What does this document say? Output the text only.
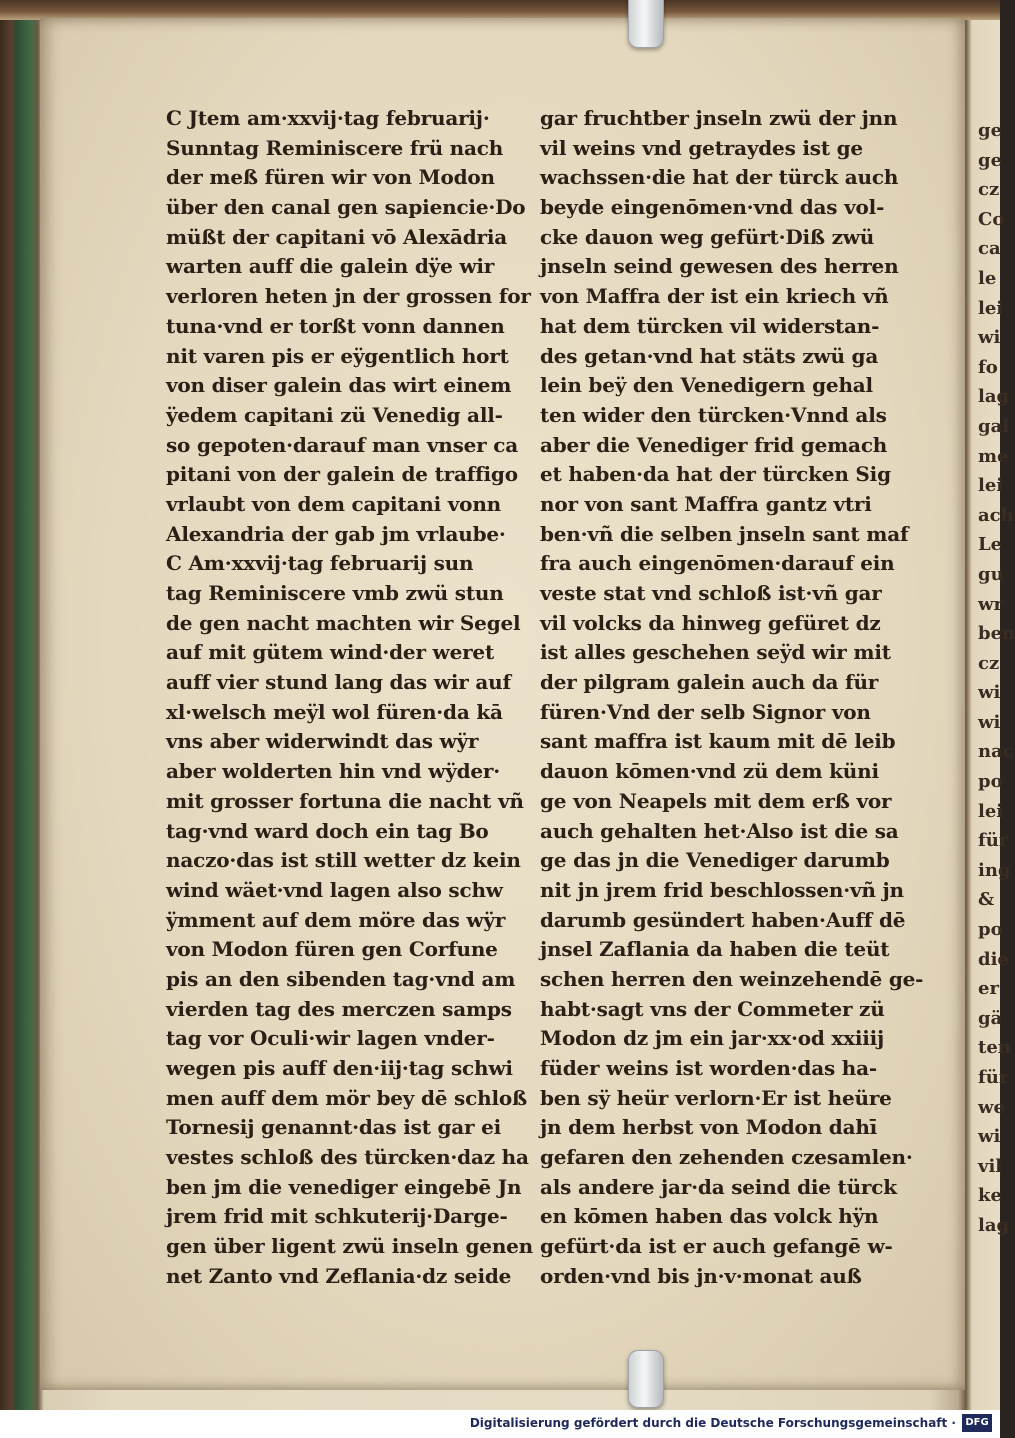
C Jtem am·xxvij·tag februarij·
Sunntag Reminiscere frü nach
der meß füren wir von Modon
über den canal gen sapiencie·Do
müßt der capitani vō Alexādria
warten auff die galein dÿe wir
verloren heten jn der grossen for
tuna·vnd er torßt vonn dannen
nit varen pis er eÿgentlich hort
von diser galein das wirt einem
ÿedem capitani zü Venedig all-
so gepoten·darauf man vnser ca
pitani von der galein de traffigo
vrlaubt von dem capitani vonn
Alexandria der gab jm vrlaube·
C Am·xxvij·tag februarij sun
tag Reminiscere vmb zwü stun
de gen nacht machten wir Segel
auf mit gütem wind·der weret
auff vier stund lang das wir auf
xl·welsch meÿl wol füren·da kā
vns aber widerwindt das wÿr
aber wolderten hin vnd wÿder·
mit grosser fortuna die nacht vñ
tag·vnd ward doch ein tag Bo
naczo·das ist still wetter dz kein
wind wäet·vnd lagen also schw
ÿmment auf dem möre das wÿr
von Modon füren gen Corfune
pis an den sibenden tag·vnd am
vierden tag des merczen samps
tag vor Oculi·wir lagen vnder-
wegen pis auff den·iij·tag schwi
men auff dem mör bey dē schloß
Tornesij genannt·das ist gar ei
vestes schloß des türcken·daz ha
ben jm die venediger eingebē Jn
jrem frid mit schkuterij·Darge-
gen über ligent zwü inseln genen
net Zanto vnd Zeflania·dz seide
gar fruchtber jnseln zwü der jnn
vil weins vnd getraydes ist ge
wachssen·die hat der türck auch
beyde eingenōmen·vnd das vol-
cke dauon weg gefürt·Diß zwü
jnseln seind gewesen des herren
von Maffra der ist ein kriech vñ
hat dem türcken vil widerstan-
des getan·vnd hat stäts zwü ga
lein beÿ den Venedigern gehal
ten wider den türcken·Vnnd als
aber die Venediger frid gemach
et haben·da hat der türcken Sig
nor von sant Maffra gantz vtri
ben·vñ die selben jnseln sant maf
fra auch eingenōmen·darauf ein
veste stat vnd schloß ist·vñ gar
vil volcks da hinweg gefüret dz
ist alles geschehen seÿd wir mit
der pilgram galein auch da für
füren·Vnd der selb Signor von
sant maffra ist kaum mit dē leib
dauon kōmen·vnd zü dem küni
ge von Neapels mit dem erß vor
auch gehalten het·Also ist die sa
ge das jn die Venediger darumb
nit jn jrem frid beschlossen·vñ jn
darumb gesündert haben·Auff dē
jnsel Zaflania da haben die teüt
schen herren den weinzehendē ge-
habt·sagt vns der Commeter zü
Modon dz jm ein jar·xx·od xxiiij
füder weins ist worden·das ha-
ben sÿ heür verlorn·Er ist heüre
jn dem herbst von Modon dahī
gefaren den zehenden czesamlen·
als andere jar·da seind die türck
en kōmen haben das volck hÿn
gefürt·da ist er auch gefangē w-
orden·vnd bis jn·v·monat auß
ge
ge
cz
Co
ca
le
lei
wi
fo
lag
gal
me
lei
ach
Le
gu
wr
ben
cz
wi
wi
nac
po
lei
für
ing
&
po
die
er
gä
ten
für
we
wi
vil
ke
lag
Digitalisierung gefördert durch die Deutsche Forschungsgemeinschaft · DFG
